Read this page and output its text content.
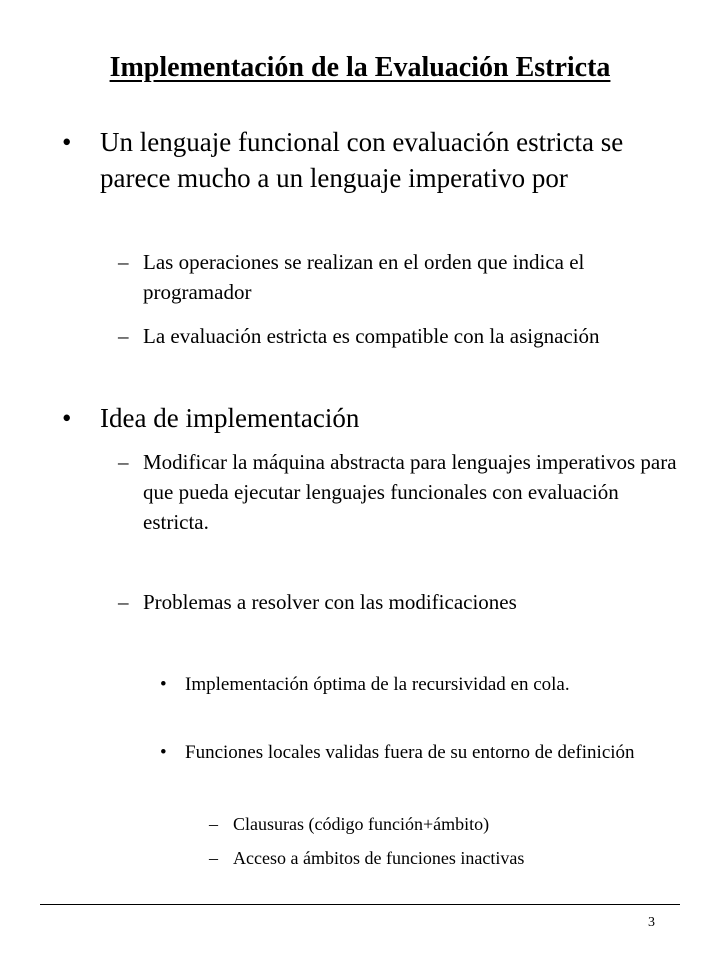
Implementación de la Evaluación Estricta
•	Un lenguaje funcional con evaluación estricta se parece mucho a un lenguaje imperativo por
– Las operaciones se realizan en el orden que indica el programador
– La evaluación estricta es compatible con la asignación
•	Idea de implementación
– Modificar la máquina abstracta para lenguajes imperativos para que pueda ejecutar lenguajes funcionales con evaluación estricta.
– Problemas a resolver con las modificaciones
• Implementación óptima de la recursividad en cola.
• Funciones locales validas fuera de su entorno de definición
– Clausuras (código función+ámbito)
– Acceso a ámbitos de funciones inactivas
3
